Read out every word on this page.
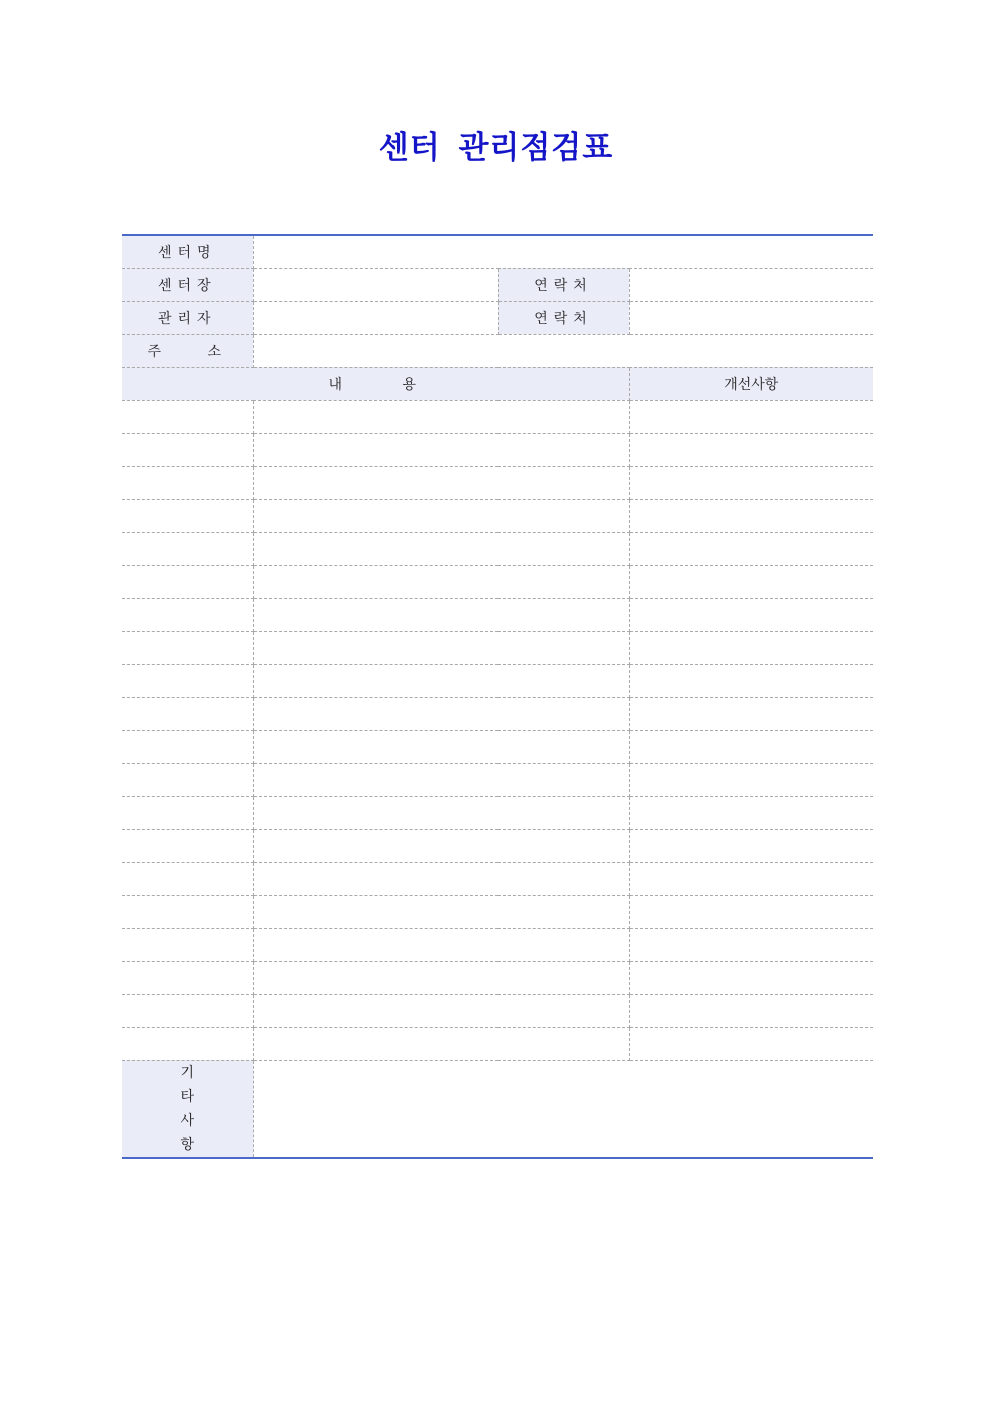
센터 관리점검표
센터명			
센터장		연락처	
관리자		연락처	
주 소			
내 용			개선사항

기
타
사
항			
